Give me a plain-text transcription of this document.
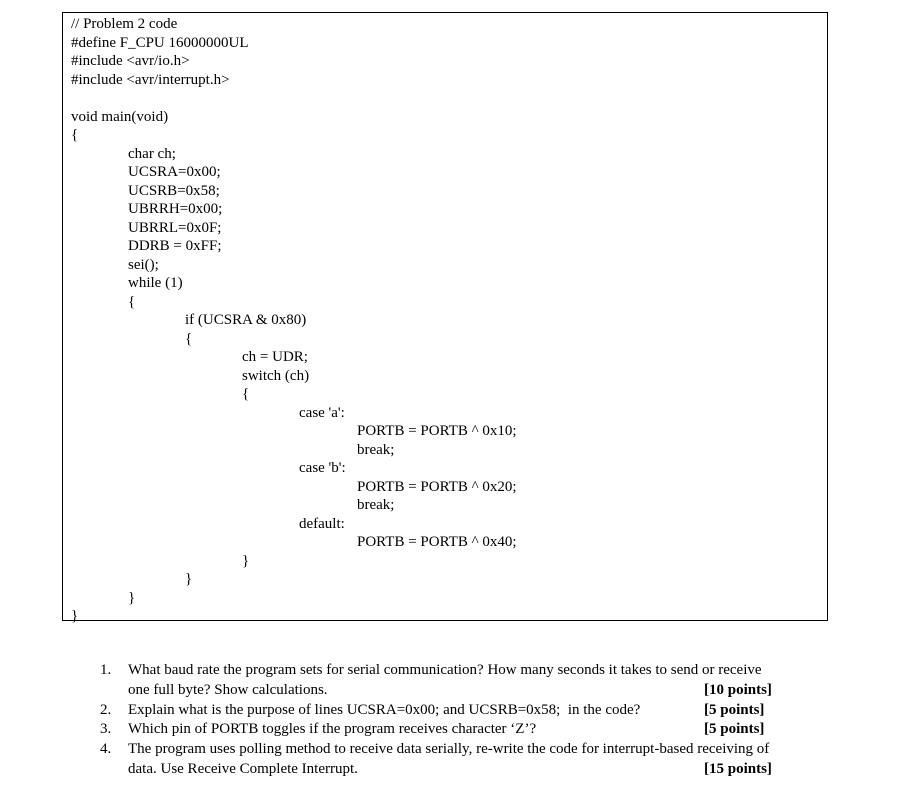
// Problem 2 code
#define F_CPU 16000000UL
#include <avr/io.h>
#include <avr/interrupt.h>
void main(void)
{
char ch;
UCSRA=0x00;
UCSRB=0x58;
UBRRH=0x00;
UBRRL=0x0F;
DDRB = 0xFF;
sei();
while (1)
{
if (UCSRA & 0x80)
{
ch = UDR;
switch (ch)
{
case 'a':
PORTB = PORTB ^ 0x10;
break;
case 'b':
PORTB = PORTB ^ 0x20;
break;
default:
PORTB = PORTB ^ 0x40;
}
}
}
}
1. What baud rate the program sets for serial communication? How many seconds it takes to send or receive
one full byte? Show calculations.	[10 points]
2. Explain what is the purpose of lines UCSRA=0x00; and UCSRB=0x58;  in the code?	[5 points]
3. Which pin of PORTB toggles if the program receives character ‘Z’?	[5 points]
4. The program uses polling method to receive data serially, re-write the code for interrupt-based receiving of
data. Use Receive Complete Interrupt.	[15 points]
